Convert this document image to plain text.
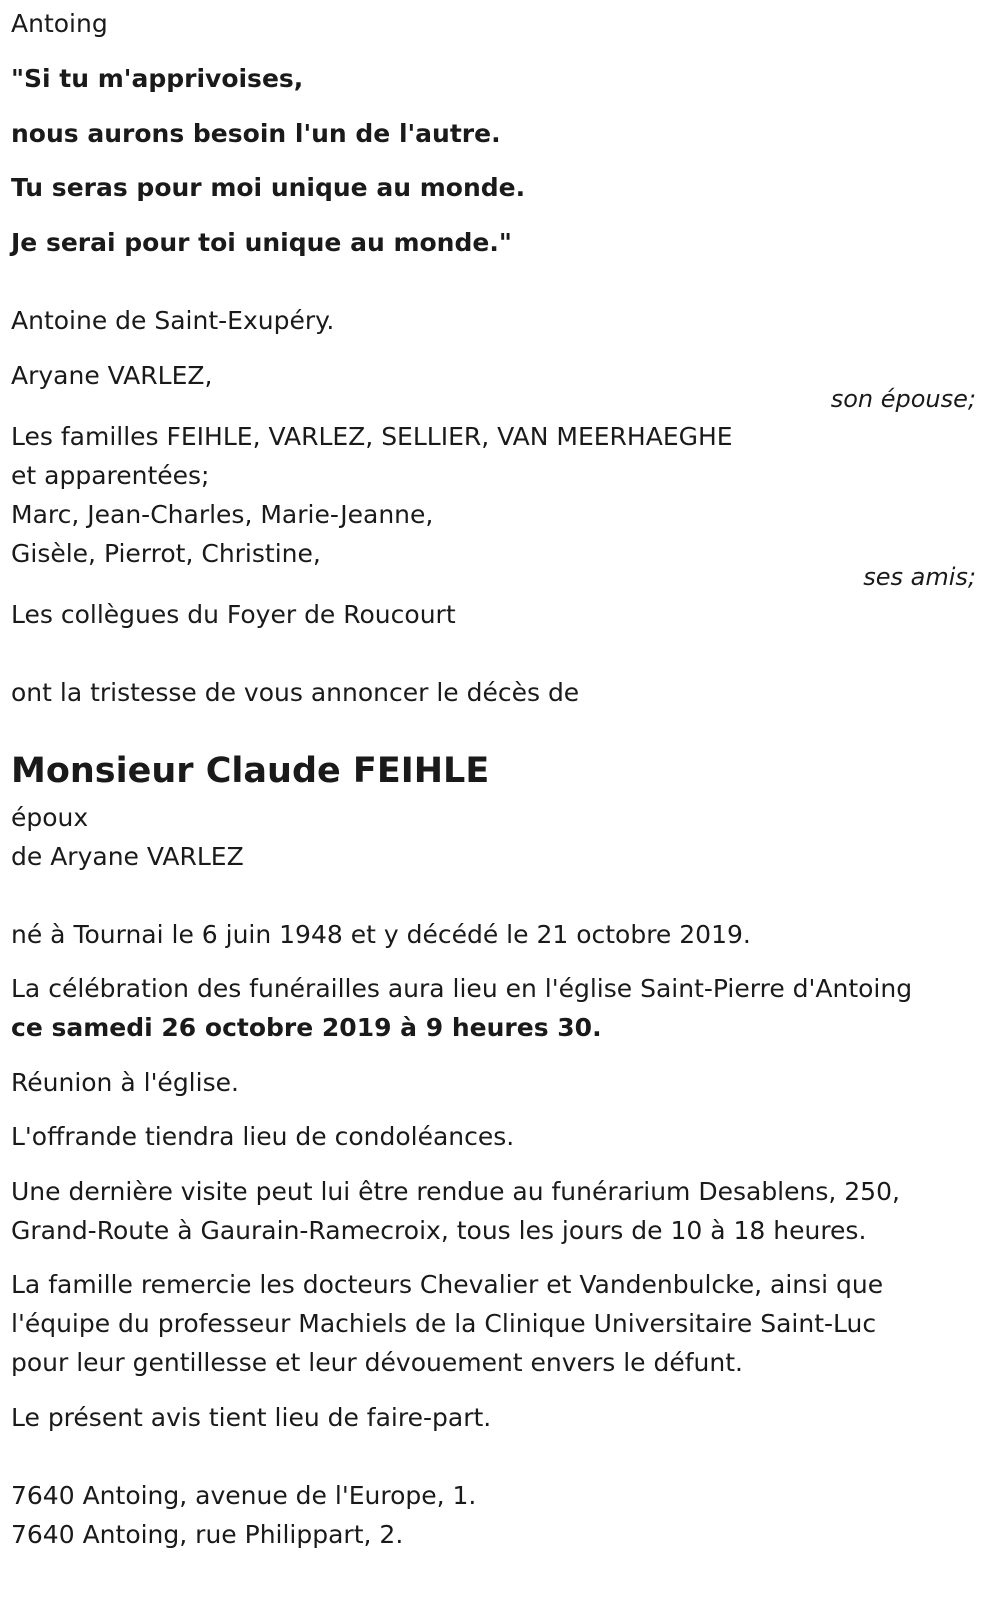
Antoing
"Si tu m'apprivoises,
nous aurons besoin l'un de l'autre.
Tu seras pour moi unique au monde.
Je serai pour toi unique au monde."
Antoine de Saint-Exupéry.
Aryane VARLEZ,
son épouse;
Les familles FEIHLE, VARLEZ, SELLIER, VAN MEERHAEGHE
et apparentées;
Marc, Jean-Charles, Marie-Jeanne,
Gisèle, Pierrot, Christine,
ses amis;
Les collègues du Foyer de Roucourt
ont la tristesse de vous annoncer le décès de
Monsieur Claude FEIHLE
époux
de Aryane VARLEZ
né à Tournai le 6 juin 1948 et y décédé le 21 octobre 2019.
La célébration des funérailles aura lieu en l'église Saint-Pierre d'Antoing
ce samedi 26 octobre 2019 à 9 heures 30.
Réunion à l'église.
L'offrande tiendra lieu de condoléances.
Une dernière visite peut lui être rendue au funérarium Desablens, 250,
Grand-Route à Gaurain-Ramecroix, tous les jours de 10 à 18 heures.
La famille remercie les docteurs Chevalier et Vandenbulcke, ainsi que
l'équipe du professeur Machiels de la Clinique Universitaire Saint-Luc
pour leur gentillesse et leur dévouement envers le défunt.
Le présent avis tient lieu de faire-part.
7640 Antoing, avenue de l'Europe, 1.
7640 Antoing, rue Philippart, 2.
